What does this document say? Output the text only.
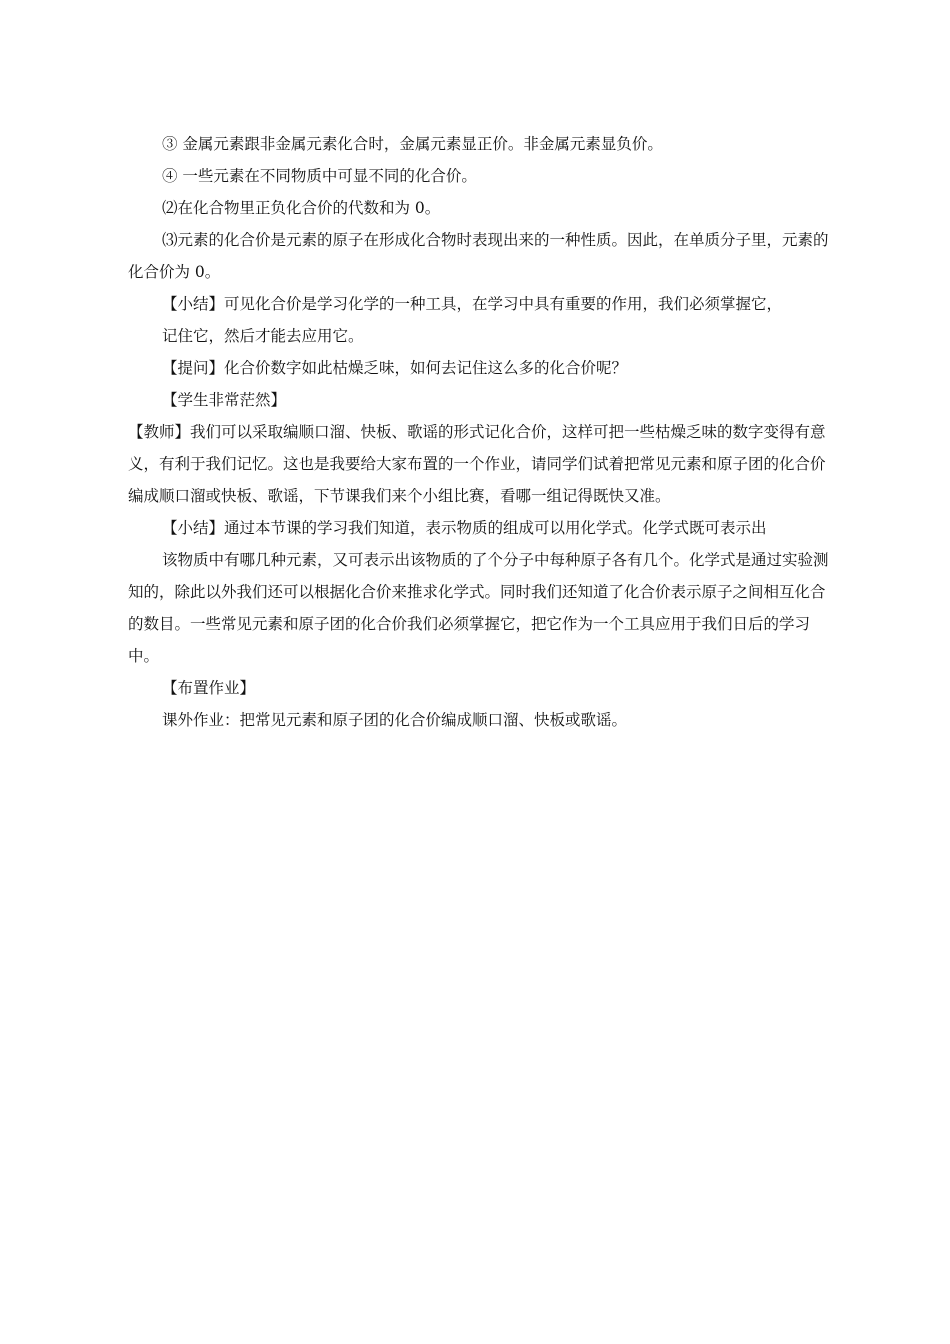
③ 金属元素跟非金属元素化合时，金属元素显正价。非金属元素显负价。

④ 一些元素在不同物质中可显不同的化合价。

⑵在化合物里正负化合价的代数和为 0。

⑶元素的化合价是元素的原子在形成化合物时表现出来的一种性质。因此，在单质分子里，元素的化合价为 0。

【小结】可见化合价是学习化学的一种工具，在学习中具有重要的作用，我们必须掌握它，

记住它，然后才能去应用它。

【提问】化合价数字如此枯燥乏味，如何去记住这么多的化合价呢？

【学生非常茫然】

【教师】我们可以采取编顺口溜、快板、歌谣的形式记化合价，这样可把一些枯燥乏味的数字变得有意义，有利于我们记忆。这也是我要给大家布置的一个作业，请同学们试着把常见元素和原子团的化合价编成顺口溜或快板、歌谣，下节课我们来个小组比赛，看哪一组记得既快又准。

【小结】通过本节课的学习我们知道，表示物质的组成可以用化学式。化学式既可表示出

该物质中有哪几种元素，又可表示出该物质的了个分子中每种原子各有几个。化学式是通过实验测知的，除此以外我们还可以根据化合价来推求化学式。同时我们还知道了化合价表示原子之间相互化合的数目。一些常见元素和原子团的化合价我们必须掌握它，把它作为一个工具应用于我们日后的学习中。

【布置作业】

课外作业：把常见元素和原子团的化合价编成顺口溜、快板或歌谣。
